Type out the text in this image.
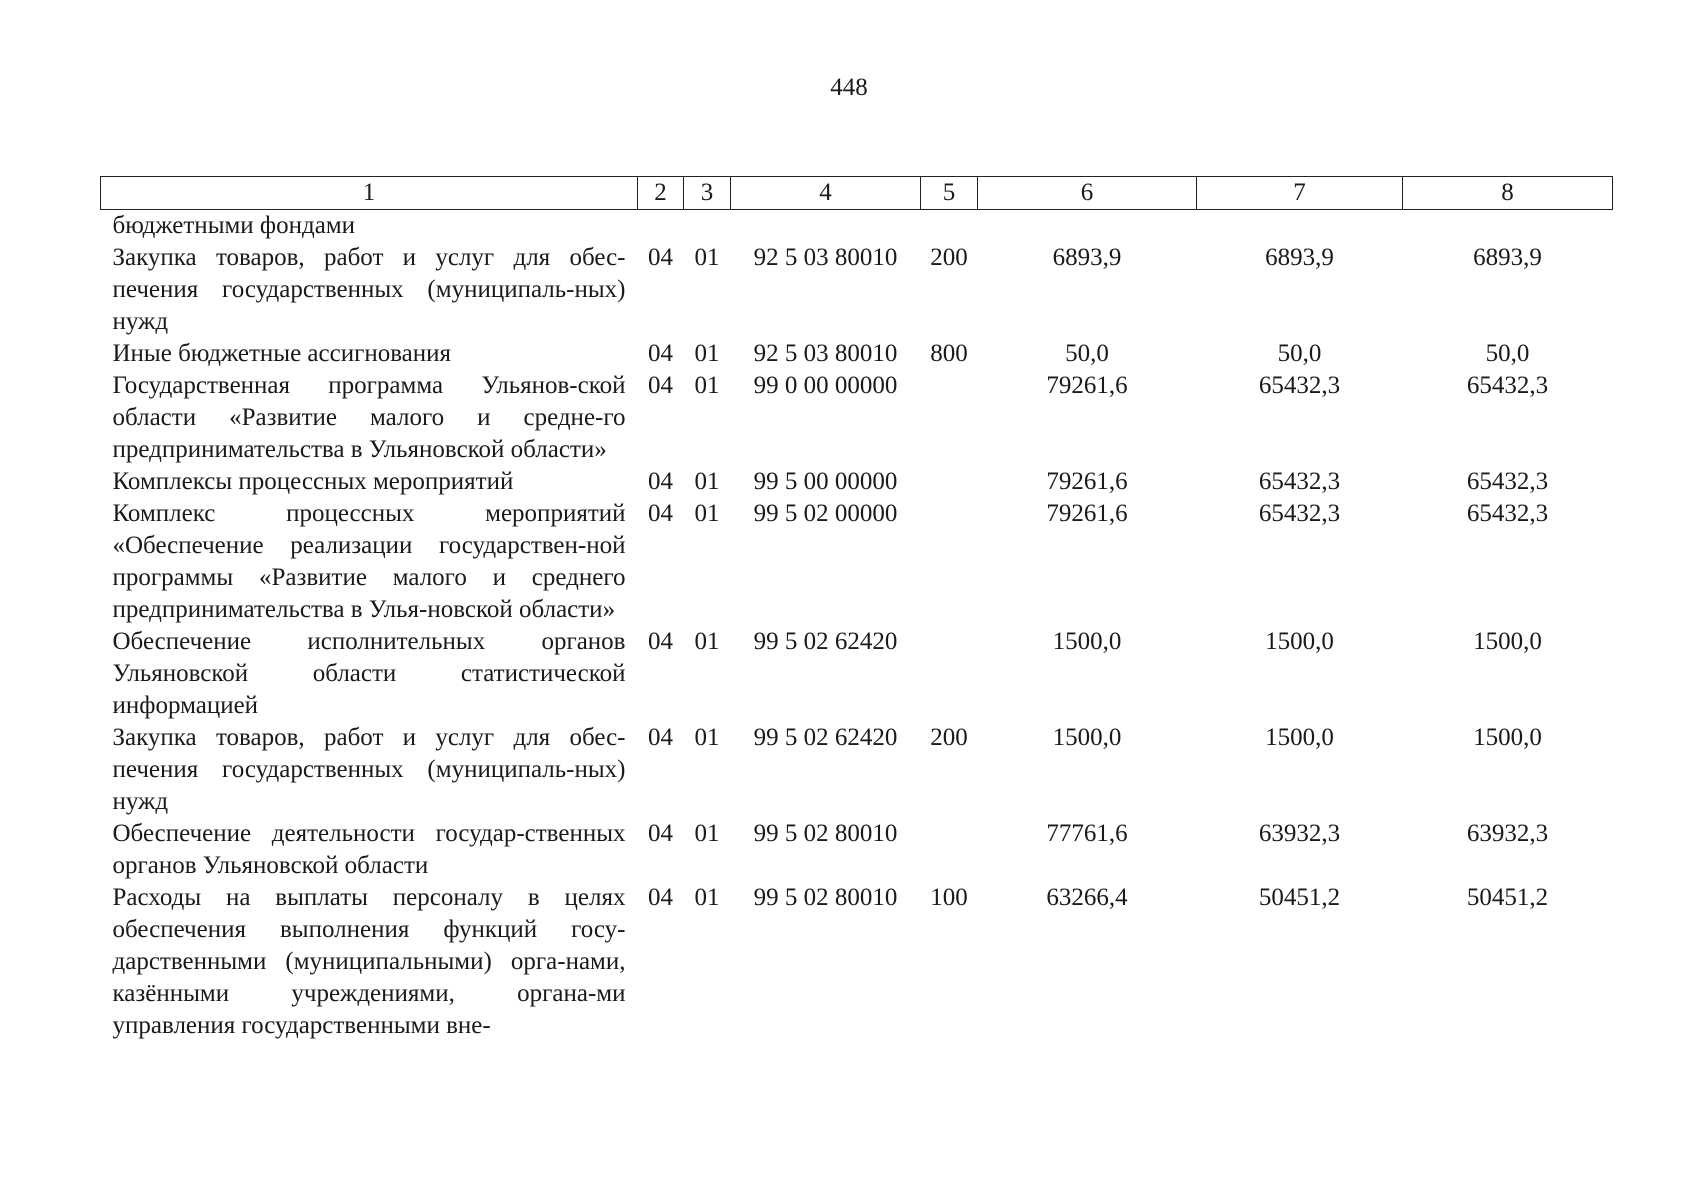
448
1	2	3	4	5	6	7	8
бюджетными фондами							
Закупка товаров, работ и услуг для обес-печения государственных (муниципаль-ных) нужд	04	01	92 5 03 80010	200	6893,9	6893,9	6893,9
Иные бюджетные ассигнования	04	01	92 5 03 80010	800	50,0	50,0	50,0
Государственная программа Ульянов-ской области «Развитие малого и средне-го предпринимательства в Ульяновской области»	04	01	99 0 00 00000		79261,6	65432,3	65432,3
Комплексы процессных мероприятий	04	01	99 5 00 00000		79261,6	65432,3	65432,3
Комплекс процессных мероприятий «Обеспечение реализации государствен-ной программы «Развитие малого и среднего предпринимательства в Улья-новской области»	04	01	99 5 02 00000		79261,6	65432,3	65432,3
Обеспечение исполнительных органов Ульяновской области статистической информацией	04	01	99 5 02 62420		1500,0	1500,0	1500,0
Закупка товаров, работ и услуг для обес-печения государственных (муниципаль-ных) нужд	04	01	99 5 02 62420	200	1500,0	1500,0	1500,0
Обеспечение деятельности государ-ственных органов Ульяновской области	04	01	99 5 02 80010		77761,6	63932,3	63932,3
Расходы на выплаты персоналу в целях обеспечения выполнения функций госу-дарственными (муниципальными) орга-нами, казёнными учреждениями, органа-ми управления государственными вне-	04	01	99 5 02 80010	100	63266,4	50451,2	50451,2
